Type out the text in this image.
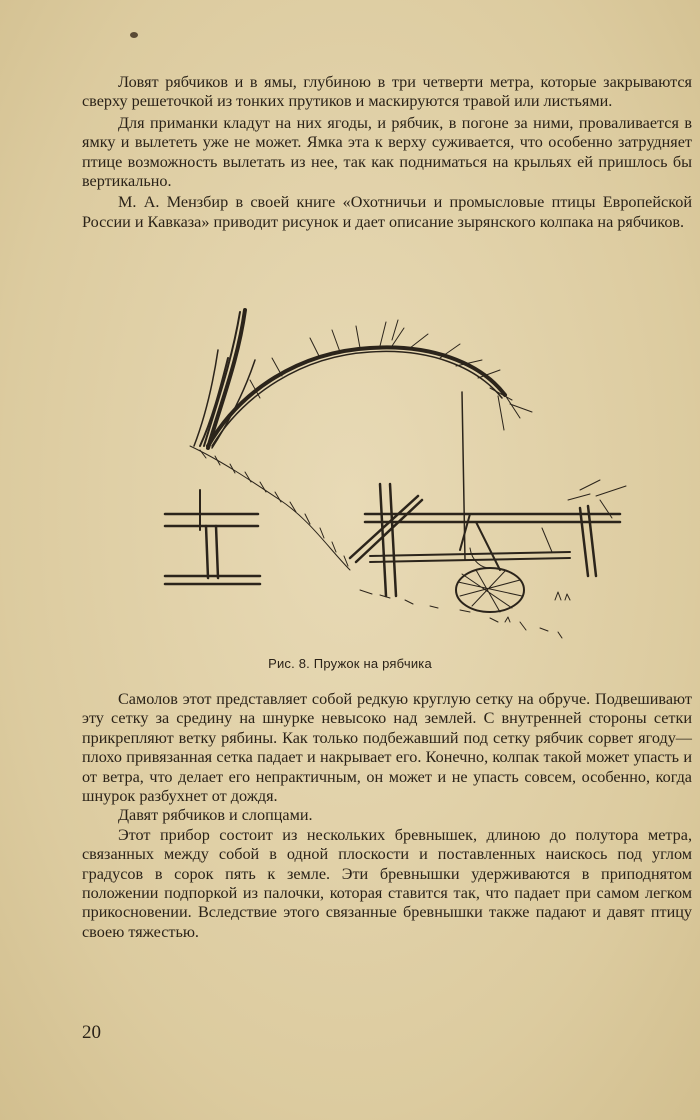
Ловят рябчиков и в ямы, глубиною в три четверти метра, которые закрываются сверху решеточкой из тонких прутиков и маскируются травой или листьями.

Для приманки кладут на них ягоды, и рябчик, в погоне за ними, проваливается в ямку и вылететь уже не может. Ямка эта к верху суживается, что особенно затрудняет птице возможность вылетать из нее, так как подниматься на крыльях ей пришлось бы вертикально.

М. А. Мензбир в своей книге «Охотничьи и промысловые птицы Европейской России и Кавказа» приводит рисунок и дает описание зырянского колпака на рябчиков.

Рис. 8. Пружок на рябчика

Самолов этот представляет собой редкую круглую сетку на обруче. Подвешивают эту сетку за средину на шнурке невысоко над землей. С внутренней стороны сетки прикрепляют ветку рябины. Как только подбежавший под сетку рябчик сорвет ягоду— плохо привязанная сетка падает и накрывает его. Конечно, колпак такой может упасть и от ветра, что делает его непрактичным, он может и не упасть совсем, особенно, когда шнурок разбухнет от дождя.

Давят рябчиков и слопцами.

Этот прибор состоит из нескольких бревнышек, длиною до полутора метра, связанных между собой в одной плоскости и поставленных наискось под углом градусов в сорок пять к земле. Эти бревнышки удерживаются в приподнятом положении подпоркой из палочки, которая ставится так, что падает при самом легком прикосновении. Вследствие этого связанные бревнышки также падают и давят птицу своею тяжестью.

20
